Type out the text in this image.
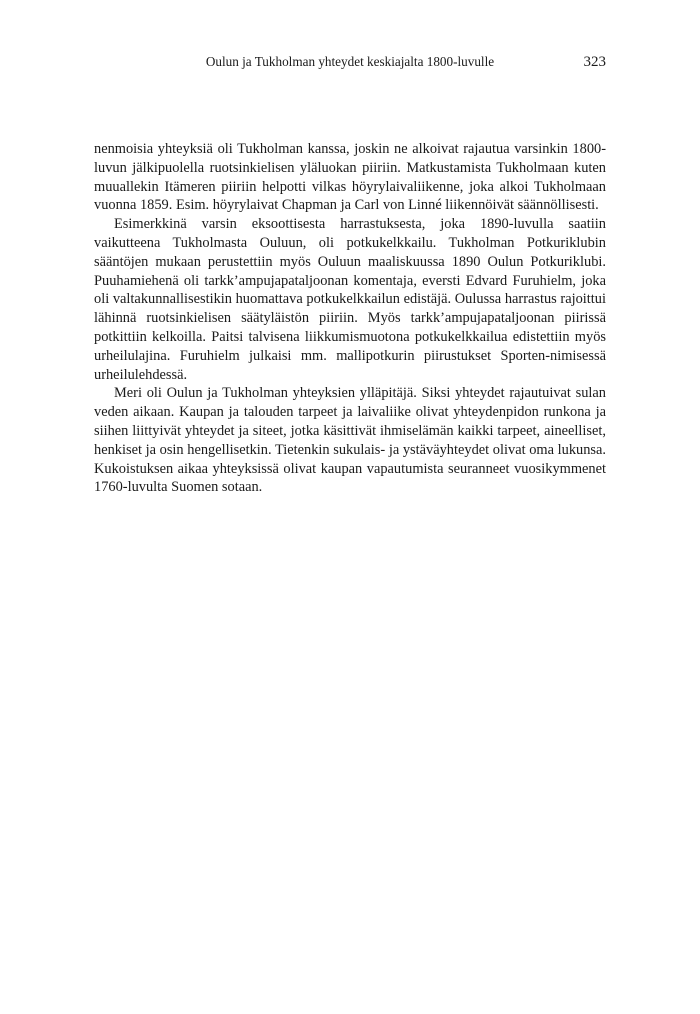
Oulun ja Tukholman yhteydet keskiajalta 1800-luvulle	323

nenmoisia yhteyksiä oli Tukholman kanssa, joskin ne alkoivat rajautua varsinkin 1800-luvun jälkipuolella ruotsinkielisen yläluokan piiriin. Matkustamista Tukholmaan kuten muuallekin Itämeren piiriin helpotti vilkas höyrylaivaliikenne, joka alkoi Tukholmaan vuonna 1859. Esim. höyrylaivat Chapman ja Carl von Linné liikennöivät säännöllisesti.

Esimerkkinä varsin eksoottisesta harrastuksesta, joka 1890-luvulla saatiin vaikutteena Tukholmasta Ouluun, oli potkukelkkailu. Tukholman Potkuriklubin sääntöjen mukaan perustettiin myös Ouluun maaliskuussa 1890 Oulun Potkuriklubi. Puuhamiehenä oli tarkk’ampujapataljoonan komentaja, eversti Edvard Furuhielm, joka oli valtakunnallisestikin huomattava potkukelkkailun edistäjä. Oulussa harrastus rajoittui lähinnä ruotsinkielisen säätyläistön piiriin. Myös tarkk’ampujapataljoonan piirissä potkittiin kelkoilla. Paitsi talvisena liikkumismuotona potkukelkkailua edistettiin myös urheilulajina. Furuhielm julkaisi mm. mallipotkurin piirustukset Sporten-nimisessä urheilulehdessä.

Meri oli Oulun ja Tukholman yhteyksien ylläpitäjä. Siksi yhteydet rajautuivat sulan veden aikaan. Kaupan ja talouden tarpeet ja laivaliike olivat yhteydenpidon runkona ja siihen liittyivät yhteydet ja siteet, jotka käsittivät ihmiselämän kaikki tarpeet, aineelliset, henkiset ja osin hengellisetkin. Tietenkin sukulais- ja ystäväyhteydet olivat oma lukunsa. Kukoistuksen aikaa yhteyksissä olivat kaupan vapautumista seuranneet vuosikymmenet 1760-luvulta Suomen sotaan.
